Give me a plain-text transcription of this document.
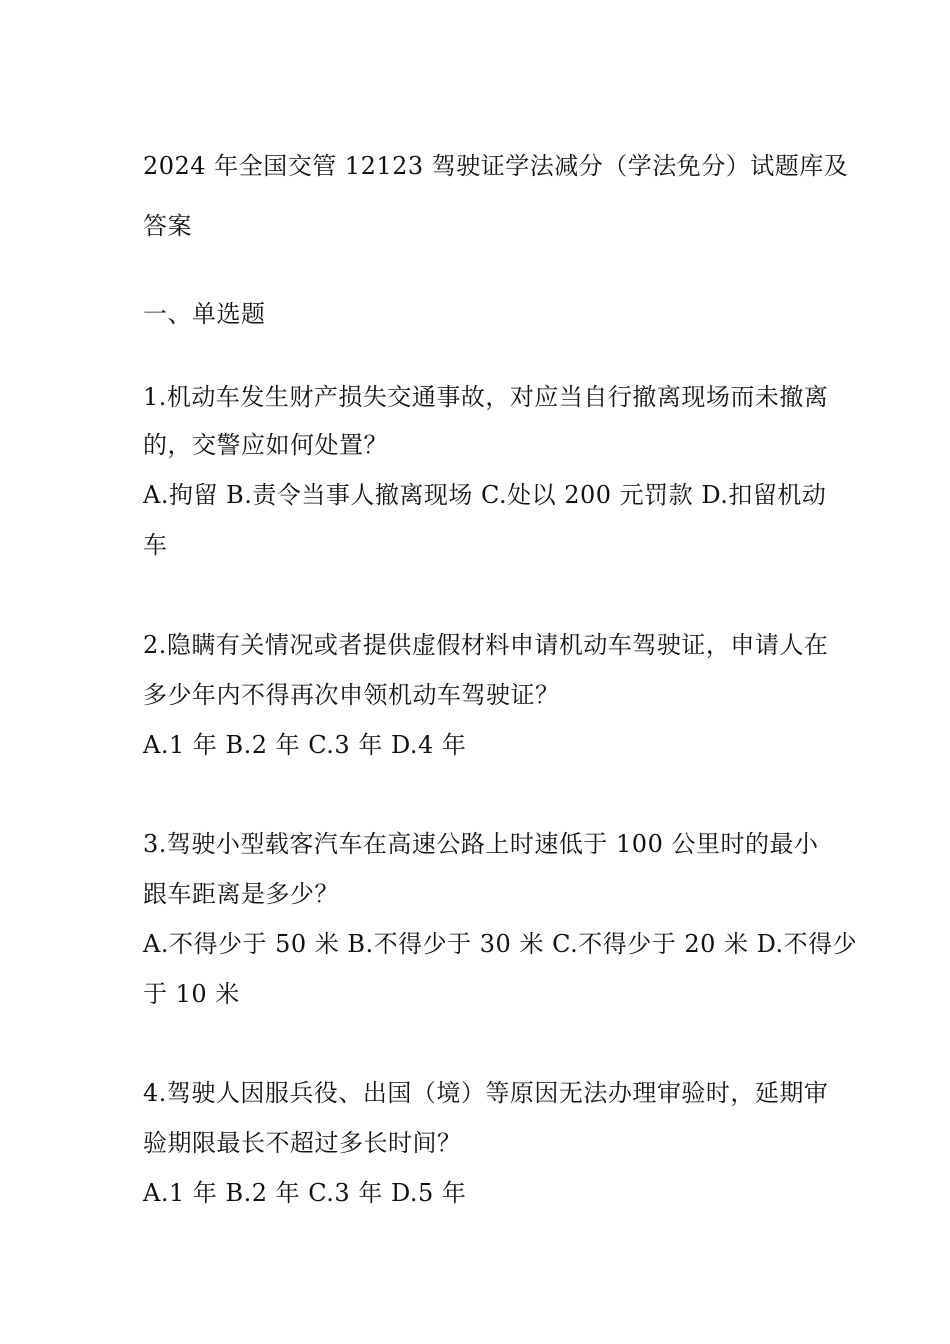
2024 年全国交管 12123 驾驶证学法减分（学法免分）试题库及
答案
一、单选题
1.机动车发生财产损失交通事故，对应当自行撤离现场而未撤离
的，交警应如何处置？
A.拘留 B.责令当事人撤离现场 C.处以 200 元罚款 D.扣留机动
车
2.隐瞒有关情况或者提供虚假材料申请机动车驾驶证，申请人在
多少年内不得再次申领机动车驾驶证？
A.1 年 B.2 年 C.3 年 D.4 年
3.驾驶小型载客汽车在高速公路上时速低于 100 公里时的最小
跟车距离是多少？
A.不得少于 50 米 B.不得少于 30 米 C.不得少于 20 米 D.不得少
于 10 米
4.驾驶人因服兵役、出国（境）等原因无法办理审验时，延期审
验期限最长不超过多长时间？
A.1 年 B.2 年 C.3 年 D.5 年
